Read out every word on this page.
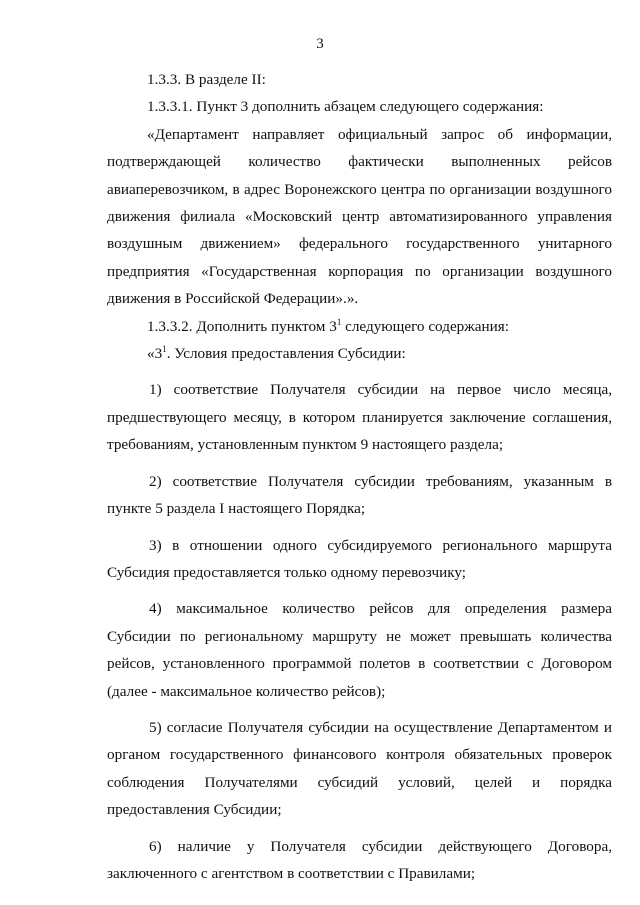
3

1.3.3. В разделе II:

1.3.3.1. Пункт 3 дополнить абзацем следующего содержания:

«Департамент направляет официальный запрос об информации, подтверждающей количество фактически выполненных рейсов авиаперевозчиком, в адрес Воронежского центра по организации воздушного движения филиала «Московский центр автоматизированного управления воздушным движением» федерального государственного унитарного предприятия «Государственная корпорация по организации воздушного движения в Российской Федерации».».

1.3.3.2. Дополнить пунктом $3^1$ следующего содержания:

«$3^1$. Условия предоставления Субсидии:

1) соответствие Получателя субсидии на первое число месяца, предшествующего месяцу, в котором планируется заключение соглашения, требованиям, установленным пунктом 9 настоящего раздела;

2) соответствие Получателя субсидии требованиям, указанным в пункте 5 раздела I настоящего Порядка;

3) в отношении одного субсидируемого регионального маршрута Субсидия предоставляется только одному перевозчику;

4) максимальное количество рейсов для определения размера Субсидии по региональному маршруту не может превышать количества рейсов, установленного программой полетов в соответствии с Договором (далее - максимальное количество рейсов);

5) согласие Получателя субсидии на осуществление Департаментом и органом государственного финансового контроля обязательных проверок соблюдения Получателями субсидий условий, целей и порядка предоставления Субсидии;

6) наличие у Получателя субсидии действующего Договора, заключенного с агентством в соответствии с Правилами;
